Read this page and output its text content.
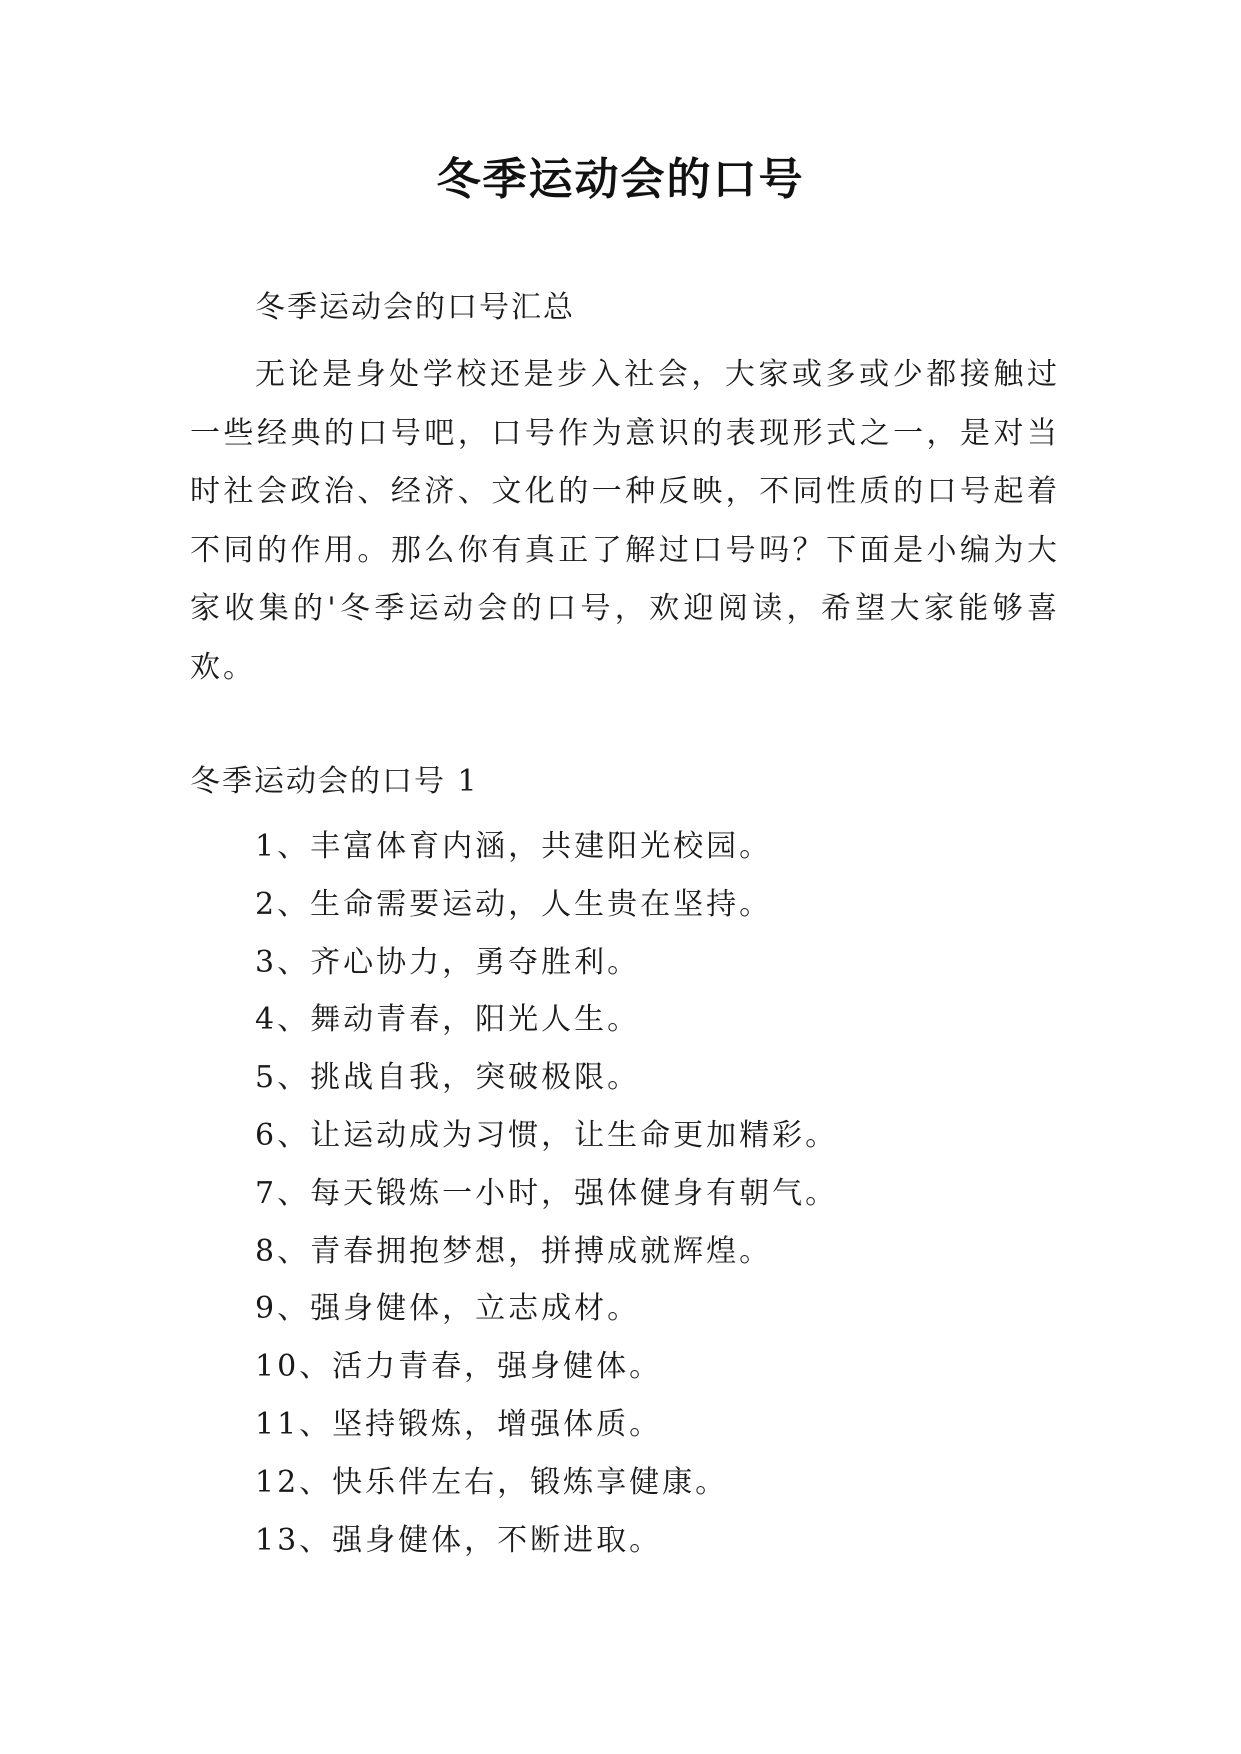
冬季运动会的口号
冬季运动会的口号汇总

无论是身处学校还是步入社会，大家或多或少都接触过一些经典的口号吧，口号作为意识的表现形式之一，是对当时社会政治、经济、文化的一种反映，不同性质的口号起着不同的作用。那么你有真正了解过口号吗？下面是小编为大家收集的'冬季运动会的口号，欢迎阅读，希望大家能够喜欢。

冬季运动会的口号 1
1、丰富体育内涵，共建阳光校园。
2、生命需要运动，人生贵在坚持。
3、齐心协力，勇夺胜利。
4、舞动青春，阳光人生。
5、挑战自我，突破极限。
6、让运动成为习惯，让生命更加精彩。
7、每天锻炼一小时，强体健身有朝气。
8、青春拥抱梦想，拼搏成就辉煌。
9、强身健体，立志成材。
10、活力青春，强身健体。
11、坚持锻炼，增强体质。
12、快乐伴左右，锻炼享健康。
13、强身健体，不断进取。
